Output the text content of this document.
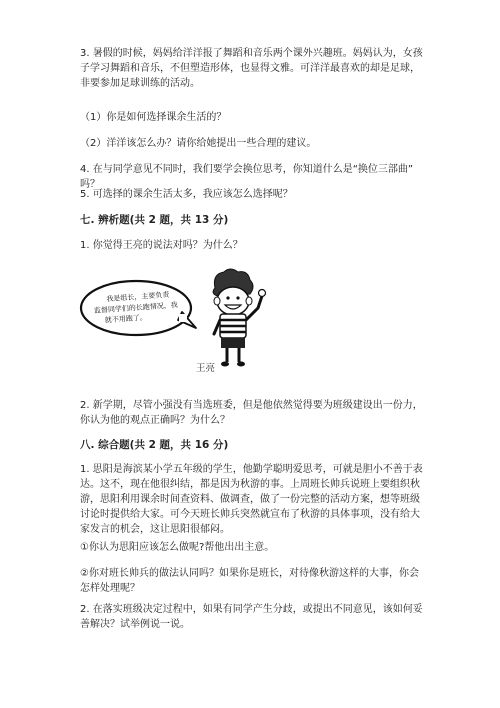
3. 暑假的时候，妈妈给洋洋报了舞蹈和音乐两个课外兴趣班。妈妈认为，女孩
子学习舞蹈和音乐，不但塑造形体，也显得文雅。可洋洋最喜欢的却是足球，
非要参加足球训练的活动。

（1）你是如何选择课余生活的？

（2）洋洋该怎么办？请你给她提出一些合理的建议。

4. 在与同学意见不同时，我们要学会换位思考，你知道什么是“换位三部曲”
吗？

5. 可选择的课余生活太多，我应该怎么选择呢？

七. 辨析题(共 2 题，共 13 分)

1. 你觉得王亮的说法对吗？为什么？

我是组长，主要负责
监督同学们的长跑情况，我
就不用跑了。
王亮

2. 新学期，尽管小强没有当选班委，但是他依然觉得要为班级建设出一份力，
你认为他的观点正确吗？为什么？

八. 综合题(共 2 题，共 16 分)

1. 思阳是海滨某小学五年级的学生，他勤学聪明爱思考，可就是胆小不善于表
达。这不，现在他很纠结，都是因为秋游的事。上周班长帅兵说班上要组织秋
游，思阳利用课余时间查资料、做调查，做了一份完整的活动方案，想等班级
讨论时提供给大家。可今天班长帅兵突然就宣布了秋游的具体事项，没有给大
家发言的机会，这让思阳很郁闷。

①你认为思阳应该怎么做呢?帮他出出主意。

②你对班长帅兵的做法认同吗？如果你是班长，对待像秋游这样的大事，你会
怎样处理呢？

2. 在落实班级决定过程中，如果有同学产生分歧，或提出不同意见，该如何妥
善解决？试举例说一说。
